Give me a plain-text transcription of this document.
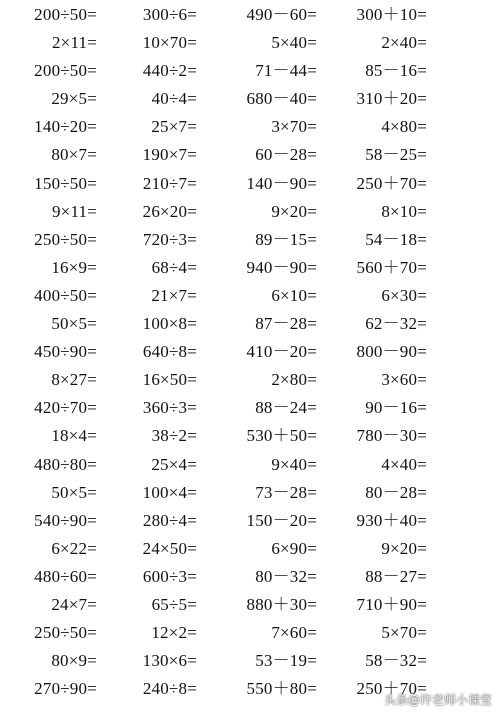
200÷50=	300÷6=	490－60= 300＋10=
2×11=	10×70=	5×40=	2×40=
200÷50=	440÷2=	71－44=	85－16=
29×5=	40÷4=	680－40= 310＋20=
140÷20=	25×7=	3×70=	4×80=
80×7=	190×7=	60－28=	58－25=
150÷50=	210÷7=	140－90= 250＋70=
9×11=	26×20=	9×20=	8×10=
250÷50=	720÷3=	89－15=	54－18=
16×9=	68÷4=	940－90= 560＋70=
400÷50=	21×7=	6×10=	6×30=
50×5=	100×8=	87－28=	62－32=
450÷90=	640÷8=	410－20= 800－90=
8×27=	16×50=	2×80=	3×60=
420÷70=	360÷3=	88－24=	90－16=
18×4=	38÷2=	530＋50= 780－30=
480÷80=	25×4=	9×40=	4×40=
50×5=	100×4=	73－28=	80－28=
540÷90=	280÷4=	150－20= 930＋40=
6×22=	24×50=	6×90=	9×20=
480÷60=	600÷3=	80－32=	88－27=
24×7=	65÷5=	880＋30= 710＋90=
250÷50=	12×2=	7×60=	5×70=
80×9=	130×6=	53－19=	58－32=
270÷90=	240÷8=	550＋80= 250＋70=
头条@许老师小课堂
